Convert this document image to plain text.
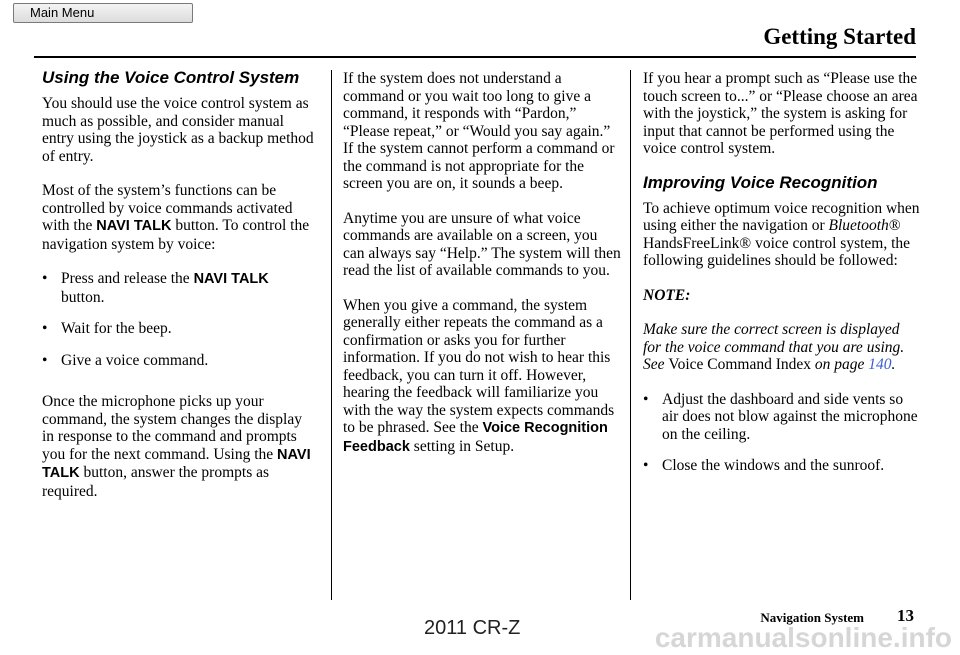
Main Menu
Getting Started
Using the Voice Control System

You should use the voice control system as much as possible, and consider manual entry using the joystick as a backup method of entry.

Most of the system’s functions can be controlled by voice commands activated with the NAVI TALK button. To control the navigation system by voice:

• Press and release the NAVI TALK button.
• Wait for the beep.
• Give a voice command.

Once the microphone picks up your command, the system changes the display in response to the command and prompts you for the next command. Using the NAVI TALK button, answer the prompts as required.

If the system does not understand a command or you wait too long to give a command, it responds with “Pardon,” “Please repeat,” or “Would you say again.” If the system cannot perform a command or the command is not appropriate for the screen you are on, it sounds a beep.

Anytime you are unsure of what voice commands are available on a screen, you can always say “Help.” The system will then read the list of available commands to you.

When you give a command, the system generally either repeats the command as a confirmation or asks you for further information. If you do not wish to hear this feedback, you can turn it off. However, hearing the feedback will familiarize you with the way the system expects commands to be phrased. See the Voice Recognition Feedback setting in Setup.

If you hear a prompt such as “Please use the touch screen to...” or “Please choose an area with the joystick,” the system is asking for input that cannot be performed using the voice control system.

Improving Voice Recognition

To achieve optimum voice recognition when using either the navigation or Bluetooth® HandsFreeLink® voice control system, the following guidelines should be followed:

NOTE:

Make sure the correct screen is displayed for the voice command that you are using. See Voice Command Index on page 140.

• Adjust the dashboard and side vents so air does not blow against the microphone on the ceiling.
• Close the windows and the sunroof.
Navigation System 13
2011 CR-Z	carmanualsonline.info
